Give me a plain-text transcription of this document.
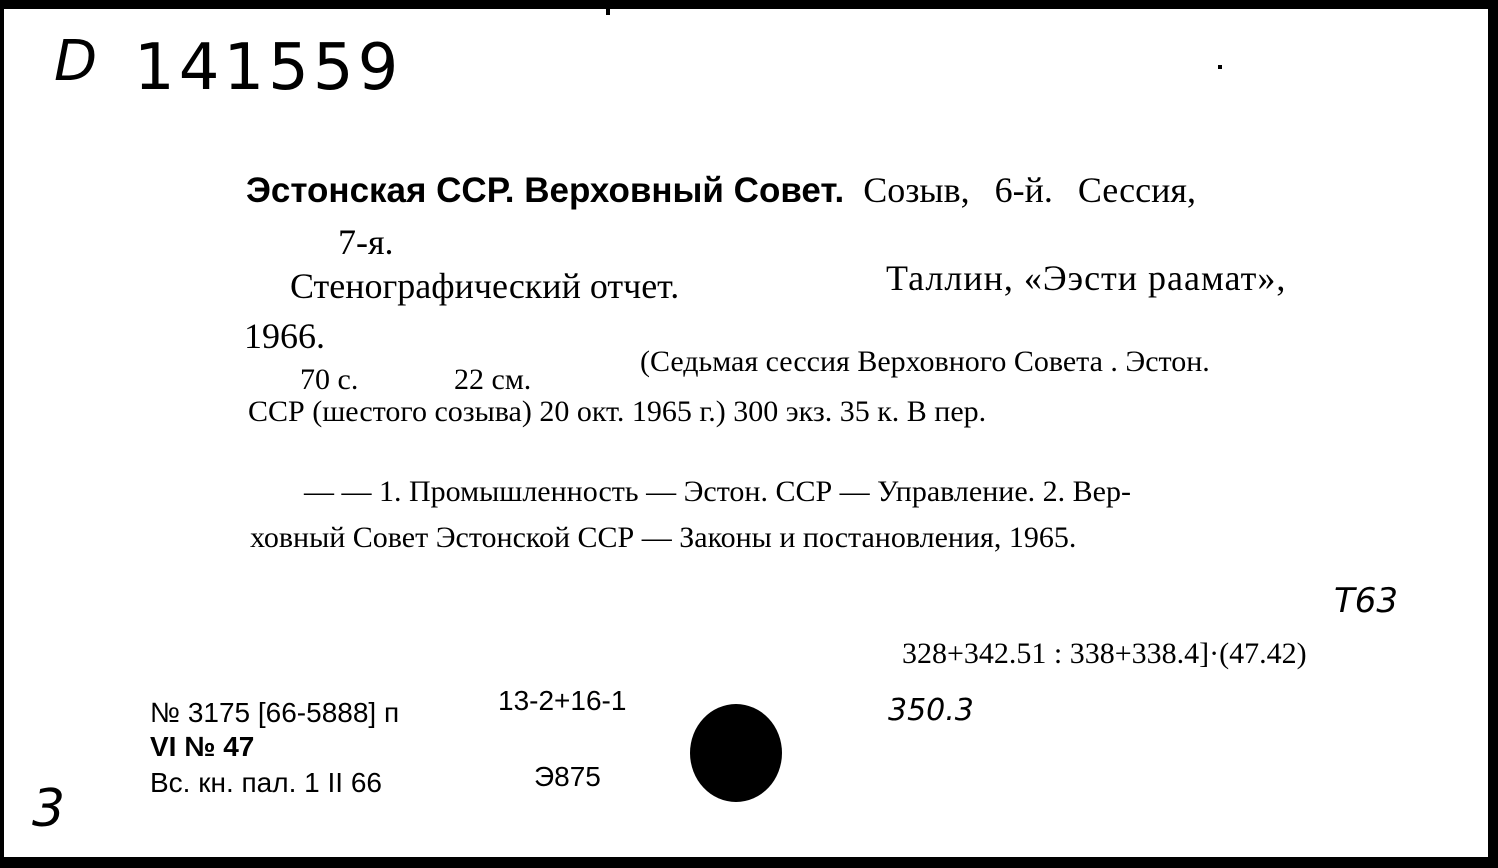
D 141559
Эстонская ССР. Верховный Совет. Созыв, 6-й. Сессия,
7-я.
Стенографический отчет.	Таллин, «Ээсти раамат»,
1966.
70 с.	22 см.
(Седьмая сессия Верховного Совета . Эстон.
ССР (шестого созыва) 20 окт. 1965 г.) 300 экз. 35 к. В пер.
— — 1. Промышленность — Эстон. ССР — Управление. 2. Вер-
ховный Совет Эстонской ССР — Законы и постановления, 1965.
Т63
328+342.51 : 338+338.4]·(47.42)
350.3
№ 3175 [66-5888] п	13-2+16-1
VI № 47
Вс. кн. пал. 1 II 66	Э875
3
